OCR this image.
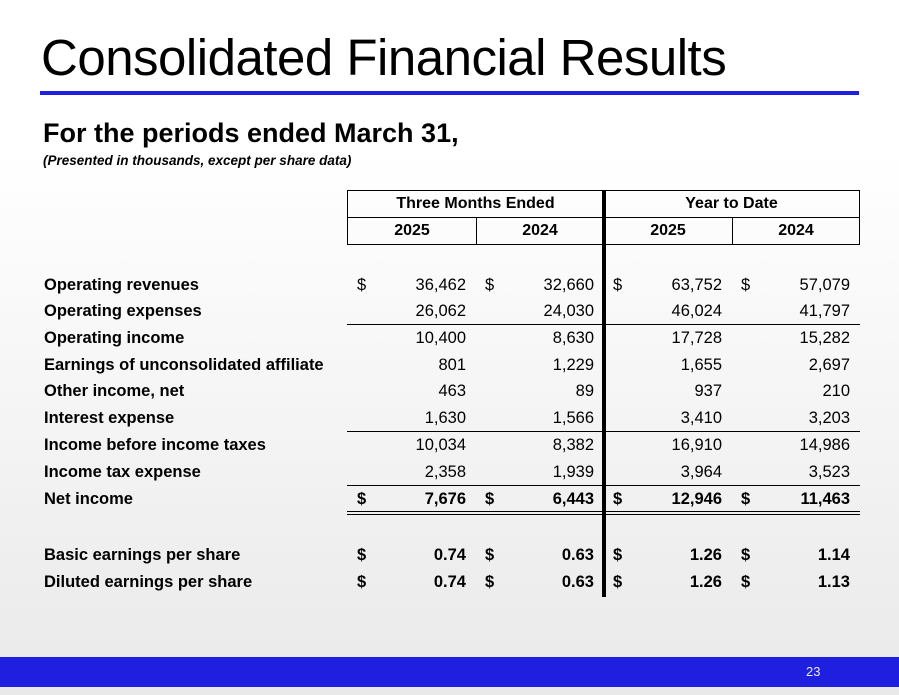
Consolidated Financial Results
For the periods ended March 31,
(Presented in thousands, except per share data)
Three Months Ended	Year to Date
2025	2024	2025	2024
Operating revenues	$	36,462 $	32,660 $	63,752 $	57,079
Operating expenses	26,062	24,030	46,024	41,797
Operating income	10,400	8,630	17,728	15,282
Earnings of unconsolidated affiliate	801	1,229	1,655	2,697
Other income, net	463	89	937	210
Interest expense	1,630	1,566	3,410	3,203
Income before income taxes	10,034	8,382	16,910	14,986
Income tax expense	2,358	1,939	3,964	3,523
Net income	$	7,676 $	6,443 $	12,946 $	11,463
Basic earnings per share	$	0.74 $	0.63 $	1.26 $	1.14
Diluted earnings per share	$	0.74 $	0.63 $	1.26 $	1.13
23
